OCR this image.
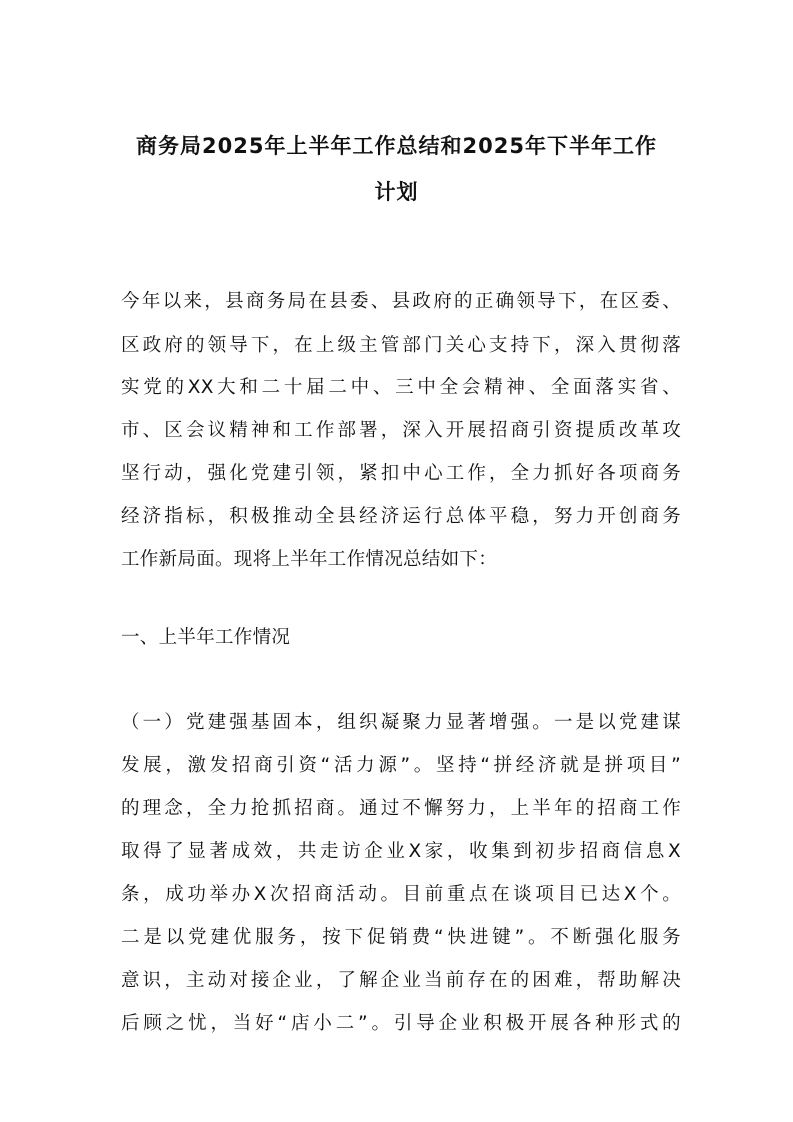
商务局2025年上半年工作总结和2025年下半年工作
计划
今年以来，县商务局在县委、县政府的正确领导下，在区委、
区政府的领导下，在上级主管部门关心支持下，深入贯彻落
实党的XX大和二十届二中、三中全会精神、全面落实省、
市、区会议精神和工作部署，深入开展招商引资提质改革攻
坚行动，强化党建引领，紧扣中心工作，全力抓好各项商务
经济指标，积极推动全县经济运行总体平稳，努力开创商务
工作新局面。现将上半年工作情况总结如下：
一、上半年工作情况
（一）党建强基固本，组织凝聚力显著增强。一是以党建谋
发展，激发招商引资“活力源”。坚持“拼经济就是拼项目”
的理念，全力抢抓招商。通过不懈努力，上半年的招商工作
取得了显著成效，共走访企业X家，收集到初步招商信息X
条，成功举办X次招商活动。目前重点在谈项目已达X个。
二是以党建优服务，按下促销费“快进键”。不断强化服务
意识，主动对接企业，了解企业当前存在的困难，帮助解决
后顾之忧，当好“店小二”。引导企业积极开展各种形式的
